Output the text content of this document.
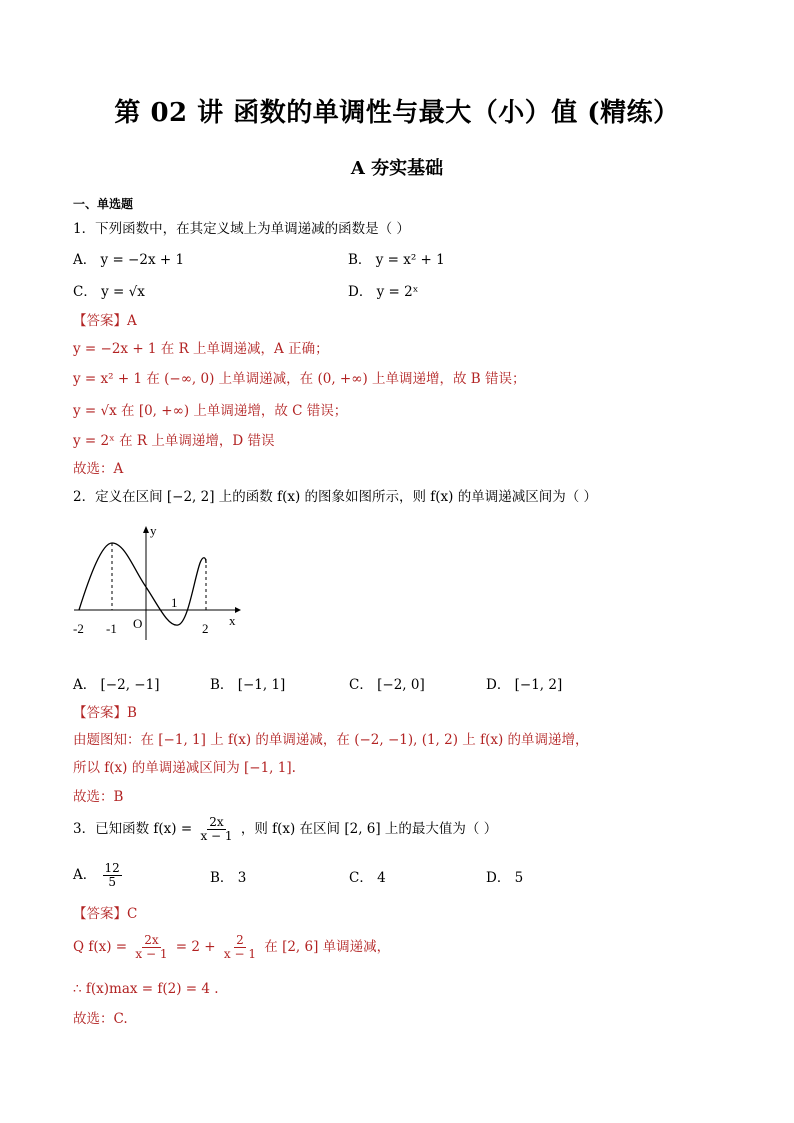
第 02 讲 函数的单调性与最大（小）值 (精练）
A 夯实基础
一、单选题
1．下列函数中，在其定义域上为单调递减的函数是（ ）
A． y = −2x + 1	B． y = x² + 1
C． y = √x	D． y = 2ˣ
【答案】A
y = −2x + 1 在 R 上单调递减，A 正确；
y = x² + 1 在 (−∞, 0) 上单调递减，在 (0, +∞) 上单调递增，故 B 错误；
y = √x 在 [0, +∞) 上单调递增，故 C 错误；
y = 2ˣ 在 R 上单调递增，D 错误
故选：A
2．定义在区间 [−2, 2] 上的函数 f(x) 的图象如图所示，则 f(x) 的单调递减区间为（ ）
y
x
O
-2 -1
1
2
A． [−2, −1]	B． [−1, 1]	C． [−2, 0]	D． [−1, 2]
【答案】B
由题图知：在 [−1, 1] 上 f(x) 的单调递减，在 (−2, −1), (1, 2) 上 f(x) 的单调递增，
所以 f(x) 的单调递减区间为 [−1, 1].
故选：B
3．已知函数 $f(x) = \frac{2x}{x - 1}$ ，则 f(x) 在区间 [2, 6] 上的最大值为（ ）
A． $\frac{12}{5}$	B． 3	C． 4	D． 5
【答案】C
Q $f(x) = \frac{2x}{x - 1} = 2 + \frac{2}{x - 1}$ 在 [2, 6] 单调递减，
∴ f(x)max = f(2) = 4 .
故选：C.
